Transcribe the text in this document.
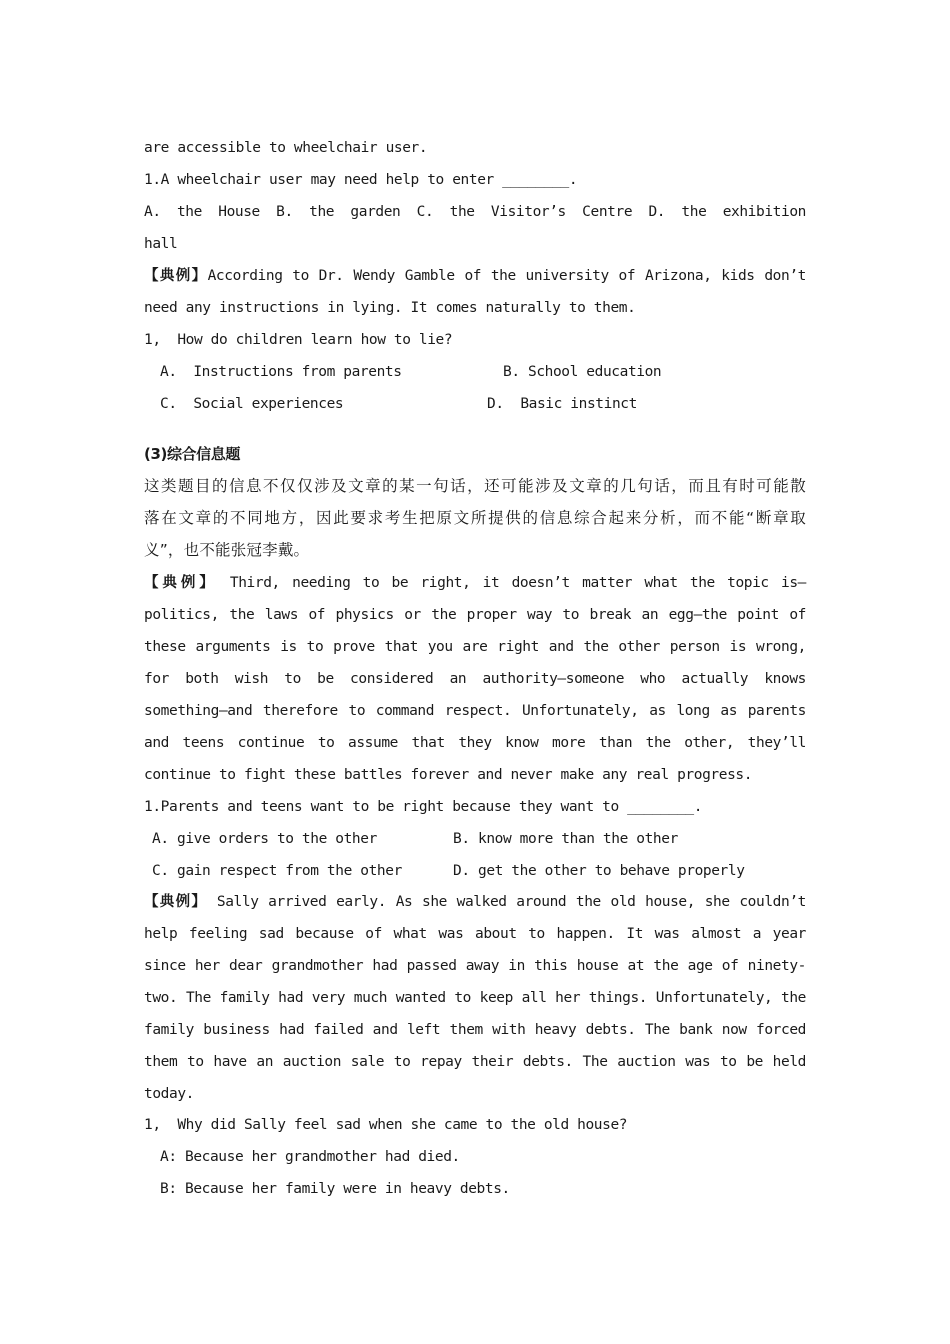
are accessible to wheelchair user.

1.A wheelchair user may need help to enter ________.

A. the House B. the garden C. the Visitor’s Centre D. the exhibition

hall

【典例】According to Dr. Wendy Gamble of the university of Arizona, kids don’t

need any instructions in lying. It comes naturally to them.

1,  How do children learn how to lie?

A.  Instructions from parents	B. School education

C.  Social experiences	D.  Basic instinct

(3)综合信息题

这类题目的信息不仅仅涉及文章的某一句话，还可能涉及文章的几句话，而且有时可能散

落在文章的不同地方，因此要求考生把原文所提供的信息综合起来分析，而不能“断章取

义”，也不能张冠李戴。

【典例】 Third, needing to be right, it doesn’t matter what the topic is—

politics, the laws of physics or the proper way to break an egg—the point of

these arguments is to prove that you are right and the other person is wrong,

for both wish to be considered an authority—someone who actually knows

something—and therefore to command respect. Unfortunately, as long as parents

and teens continue to assume that they know more than the other, they’ll

continue to fight these battles forever and never make any real progress.

1.Parents and teens want to be right because they want to ________.

A. give orders to the other	B. know more than the other

C. gain respect from the other	D. get the other to behave properly

【典例】 Sally arrived early. As she walked around the old house, she couldn’t

help feeling sad because of what was about to happen. It was almost a year

since her dear grandmother had passed away in this house at the age of ninety-

two. The family had very much wanted to keep all her things. Unfortunately, the

family business had failed and left them with heavy debts. The bank now forced

them to have an auction sale to repay their debts. The auction was to be held

today.

1,  Why did Sally feel sad when she came to the old house?

A: Because her grandmother had died.

B: Because her family were in heavy debts.
